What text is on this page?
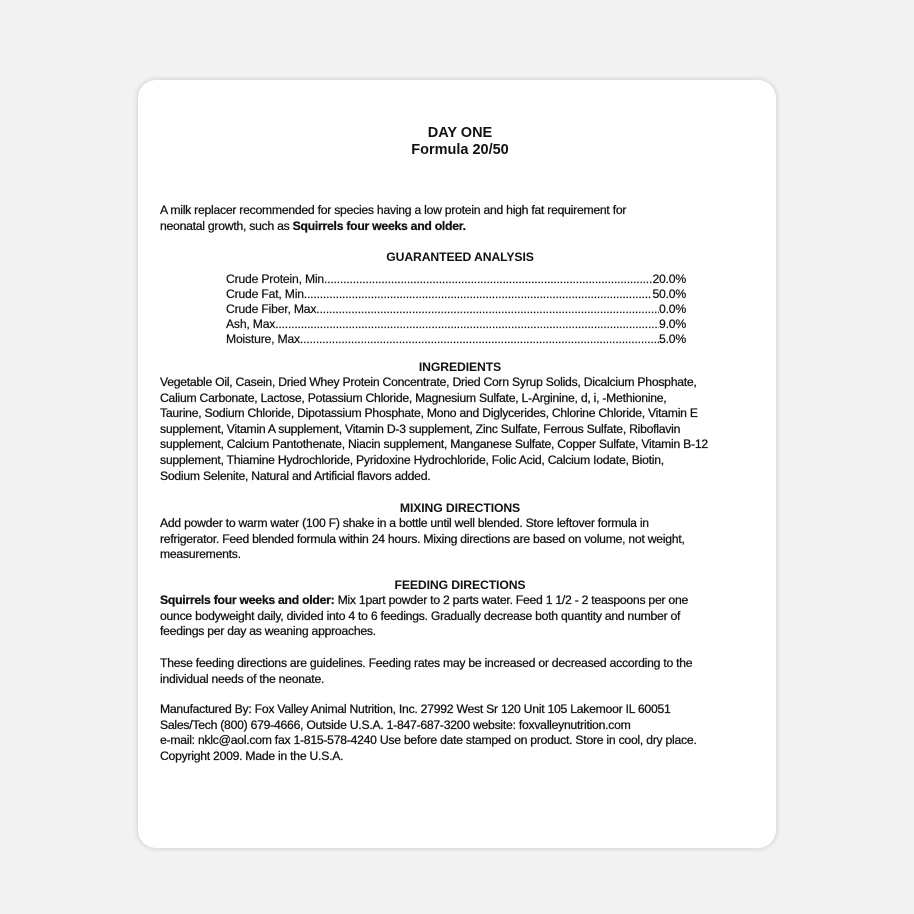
DAY ONE
Formula 20/50
A milk replacer recommended for species having a low protein and high fat requirement for
neonatal growth, such as Squirrels four weeks and older.
GUARANTEED ANALYSIS
Crude Protein, Min. .....	20.0%
Crude Fat, Min. .....	50.0%
Crude Fiber, Max. .....	0.0%
Ash, Max. .....	9.0%
Moisture, Max. .....	5.0%
INGREDIENTS
Vegetable Oil, Casein, Dried Whey Protein Concentrate, Dried Corn Syrup Solids, Dicalcium Phosphate,
Calium Carbonate, Lactose, Potassium Chloride, Magnesium Sulfate, L-Arginine, d, i, -Methionine,
Taurine, Sodium Chloride, Dipotassium Phosphate, Mono and Diglycerides, Chlorine Chloride, Vitamin E
supplement, Vitamin A supplement, Vitamin D-3 supplement, Zinc Sulfate, Ferrous Sulfate, Riboflavin
supplement, Calcium Pantothenate, Niacin supplement, Manganese Sulfate, Copper Sulfate, Vitamin B-12
supplement, Thiamine Hydrochloride, Pyridoxine Hydrochloride, Folic Acid, Calcium Iodate, Biotin,
Sodium Selenite, Natural and Artificial flavors added.
MIXING DIRECTIONS
Add powder to warm water (100 F) shake in a bottle until well blended. Store leftover formula in
refrigerator. Feed blended formula within 24 hours. Mixing directions are based on volume, not weight,
measurements.
FEEDING DIRECTIONS
Squirrels four weeks and older: Mix 1part powder to 2 parts water. Feed 1 1/2 - 2 teaspoons per one
ounce bodyweight daily, divided into 4 to 6 feedings. Gradually decrease both quantity and number of
feedings per day as weaning approaches.
These feeding directions are guidelines. Feeding rates may be increased or decreased according to the
individual needs of the neonate.
Manufactured By: Fox Valley Animal Nutrition, Inc. 27992 West Sr 120 Unit 105 Lakemoor IL 60051
Sales/Tech (800) 679-4666, Outside U.S.A. 1-847-687-3200 website: foxvalleynutrition.com
e-mail: nklc@aol.com fax 1-815-578-4240 Use before date stamped on product. Store in cool, dry place.
Copyright 2009. Made in the U.S.A.
